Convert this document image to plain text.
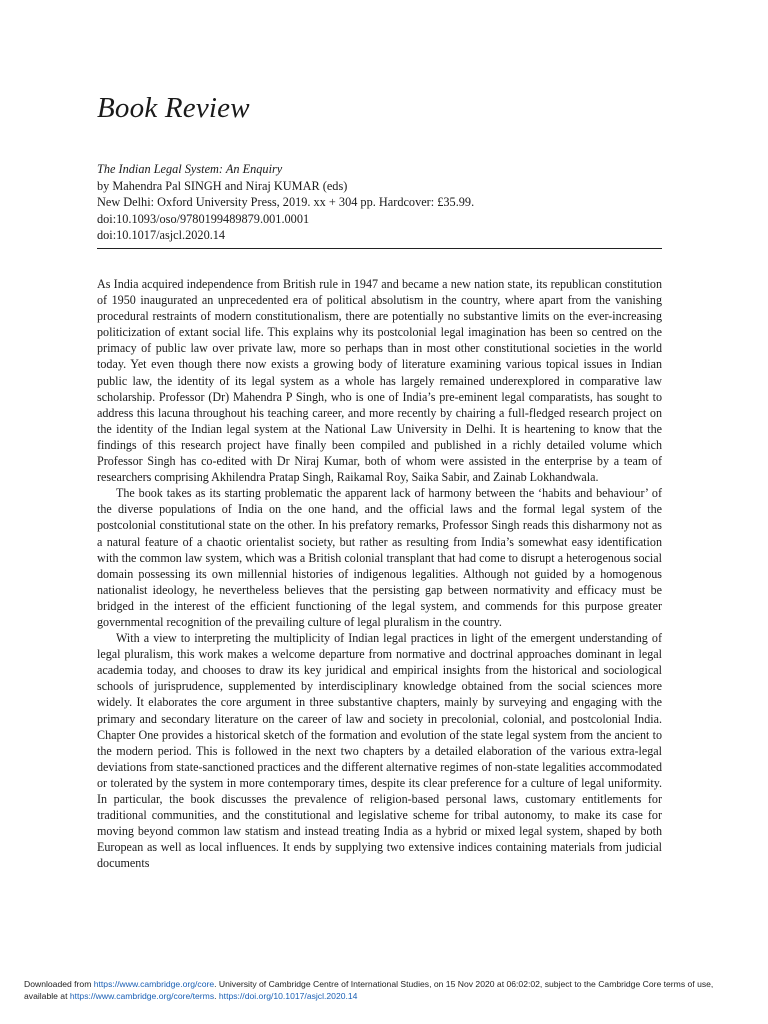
Book Review
The Indian Legal System: An Enquiry
by Mahendra Pal SINGH and Niraj KUMAR (eds)
New Delhi: Oxford University Press, 2019. xx + 304 pp. Hardcover: £35.99.
doi:10.1093/oso/9780199489879.001.0001
doi:10.1017/asjcl.2020.14

As India acquired independence from British rule in 1947 and became a new nation state, its republican constitution of 1950 inaugurated an unprecedented era of political absolutism in the country, where apart from the vanishing procedural restraints of modern constitutionalism, there are potentially no substantive limits on the ever-increasing politicization of extant social life. This explains why its postcolonial legal imagination has been so centred on the primacy of public law over private law, more so perhaps than in most other constitutional societies in the world today. Yet even though there now exists a growing body of literature examining various topical issues in Indian public law, the identity of its legal system as a whole has largely remained underexplored in comparative law scholarship. Professor (Dr) Mahendra P Singh, who is one of India’s pre-eminent legal comparatists, has sought to address this lacuna throughout his teaching career, and more recently by chairing a full-fledged research project on the identity of the Indian legal system at the National Law University in Delhi. It is heartening to know that the findings of this research project have finally been compiled and published in a richly detailed volume which Professor Singh has co-edited with Dr Niraj Kumar, both of whom were assisted in the enterprise by a team of researchers comprising Akhilendra Pratap Singh, Raikamal Roy, Saika Sabir, and Zainab Lokhandwala.

The book takes as its starting problematic the apparent lack of harmony between the ‘habits and behaviour’ of the diverse populations of India on the one hand, and the official laws and the formal legal system of the postcolonial constitutional state on the other. In his prefatory remarks, Professor Singh reads this disharmony not as a natural feature of a chaotic orientalist society, but rather as resulting from India’s somewhat easy identification with the common law system, which was a British colonial transplant that had come to disrupt a heterogenous social domain possessing its own millennial histories of indigenous legalities. Although not guided by a homogenous nationalist ideology, he nevertheless believes that the persisting gap between normativity and efficacy must be bridged in the interest of the efficient functioning of the legal system, and commends for this purpose greater governmental recognition of the prevailing culture of legal pluralism in the country.

With a view to interpreting the multiplicity of Indian legal practices in light of the emergent understanding of legal pluralism, this work makes a welcome departure from normative and doctrinal approaches dominant in legal academia today, and chooses to draw its key juridical and empirical insights from the historical and sociological schools of jurisprudence, supplemented by interdisciplinary knowledge obtained from the social sciences more widely. It elaborates the core argument in three substantive chapters, mainly by surveying and engaging with the primary and secondary literature on the career of law and society in precolonial, colonial, and postcolonial India. Chapter One provides a historical sketch of the formation and evolution of the state legal system from the ancient to the modern period. This is followed in the next two chapters by a detailed elaboration of the various extra-legal deviations from state-sanctioned practices and the different alternative regimes of non-state legalities accommodated or tolerated by the system in more contemporary times, despite its clear preference for a culture of legal uniformity. In particular, the book discusses the prevalence of religion-based personal laws, customary entitlements for traditional communities, and the constitutional and legislative scheme for tribal autonomy, to make its case for moving beyond common law statism and instead treating India as a hybrid or mixed legal system, shaped by both European as well as local influences. It ends by supplying two extensive indices containing materials from judicial documents

Downloaded from https://www.cambridge.org/core. University of Cambridge Centre of International Studies, on 15 Nov 2020 at 06:02:02, subject to the Cambridge Core terms of use, available at https://www.cambridge.org/core/terms. https://doi.org/10.1017/asjcl.2020.14
